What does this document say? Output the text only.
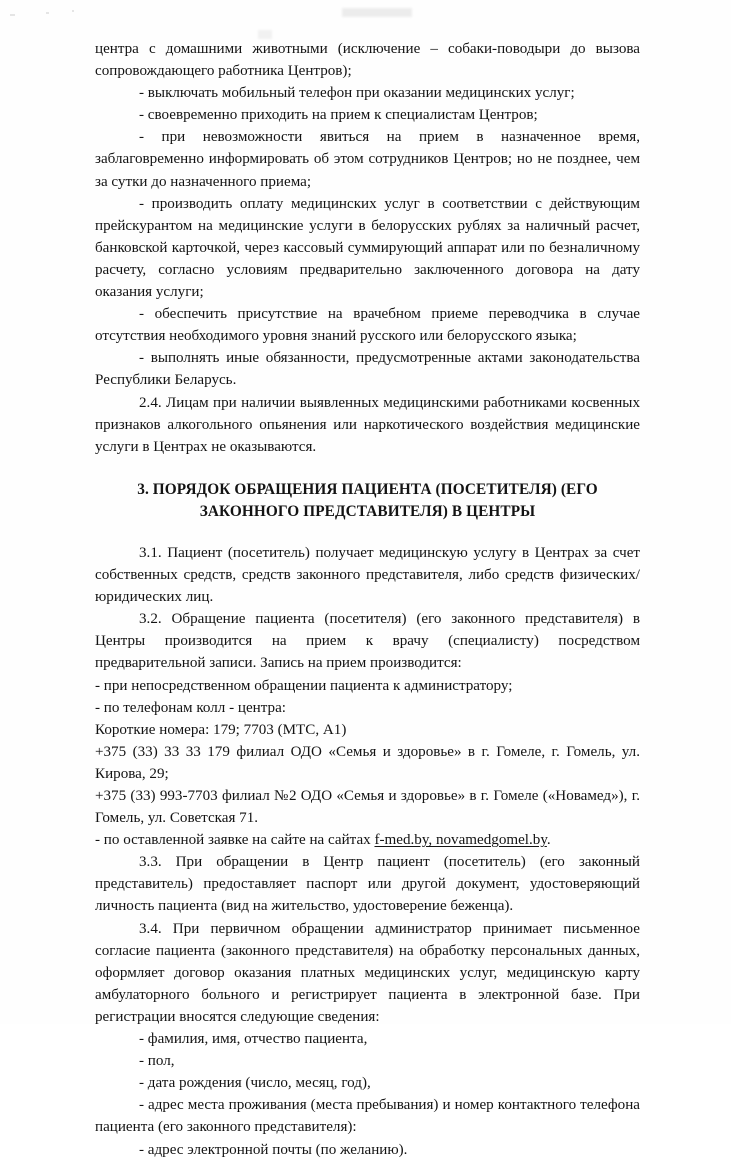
центра с домашними животными (исключение – собаки-поводыри до вызова сопровождающего работника Центров);

- выключать мобильный телефон при оказании медицинских услуг;

- своевременно приходить на прием к специалистам Центров;

- при невозможности явиться на прием в назначенное время, заблаговременно информировать об этом сотрудников Центров; но не позднее, чем за сутки до назначенного приема;

- производить оплату медицинских услуг в соответствии с действующим прейскурантом на медицинские услуги в белорусских рублях за наличный расчет, банковской карточкой, через кассовый суммирующий аппарат или по безналичному расчету, согласно условиям предварительно заключенного договора на дату оказания услуги;

- обеспечить присутствие на врачебном приеме переводчика в случае отсутствия необходимого уровня знаний русского или белорусского языка;

- выполнять иные обязанности, предусмотренные актами законодательства Республики Беларусь.

2.4. Лицам при наличии выявленных медицинскими работниками косвенных признаков алкогольного опьянения или наркотического воздействия медицинские услуги в Центрах не оказываются.

3. ПОРЯДОК ОБРАЩЕНИЯ ПАЦИЕНТА (ПОСЕТИТЕЛЯ) (ЕГО
ЗАКОННОГО ПРЕДСТАВИТЕЛЯ) В ЦЕНТРЫ

3.1. Пациент (посетитель) получает медицинскую услугу в Центрах за счет собственных средств, средств законного представителя, либо средств физических/юридических лиц.

3.2. Обращение пациента (посетителя) (его законного представителя) в Центры производится на прием к врачу (специалисту) посредством предварительной записи. Запись на прием производится:

- при непосредственном обращении пациента к администратору;

- по телефонам колл - центра:

Короткие номера: 179; 7703 (МТС, А1)

+375 (33) 33 33 179 филиал ОДО «Семья и здоровье» в г. Гомеле, г. Гомель, ул. Кирова, 29;

+375 (33) 993-7703 филиал №2 ОДО «Семья и здоровье» в г. Гомеле («Новамед»), г. Гомель, ул. Советская 71.

- по оставленной заявке на сайте на сайтах f-med.by, novamedgomel.by.

3.3. При обращении в Центр пациент (посетитель) (его законный представитель) предоставляет паспорт или другой документ, удостоверяющий личность пациента (вид на жительство, удостоверение беженца).

3.4. При первичном обращении администратор принимает письменное согласие пациента (законного представителя) на обработку персональных данных, оформляет договор оказания платных медицинских услуг, медицинскую карту амбулаторного больного и регистрирует пациента в электронной базе. При регистрации вносятся следующие сведения:

- фамилия, имя, отчество пациента,

- пол,

- дата рождения (число, месяц, год),

- адрес места проживания (места пребывания) и номер контактного телефона пациента (его законного представителя):

- адрес электронной почты (по желанию).
